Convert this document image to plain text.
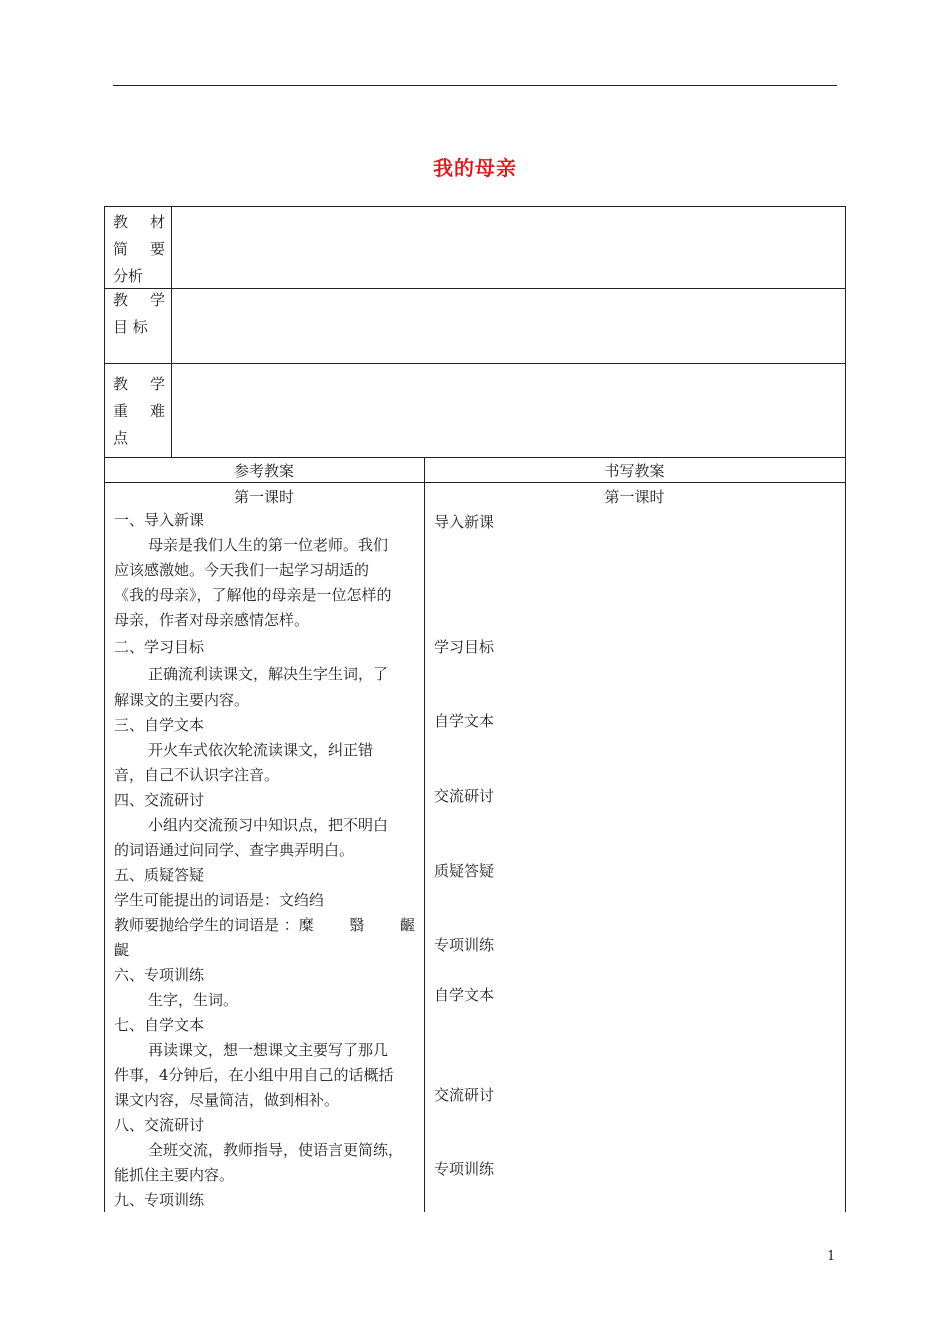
我的母亲
教 材
简 要
分析
教 学
目 标
教 学
重 难
点
参考教案	书写教案
第一课时	第一课时
一、导入新课
母亲是我们人生的第一位老师。我们
应该感激她。今天我们一起学习胡适的
《我的母亲》，了解他的母亲是一位怎样的
母亲，作者对母亲感情怎样。
二、学习目标
正确流利读课文，解决生字生词，了
解课文的主要内容。
三、自学文本
开火车式依次轮流读课文，纠正错
音，自己不认识字注音。
四、交流研讨
小组内交流预习中知识点，把不明白
的词语通过问同学、查字典弄明白。
五、质疑答疑
学生可能提出的词语是：文绉绉
教师要抛给学生的词语是 ：糜 翳 齷
齪
六、专项训练
生字，生词。
七、自学文本
再读课文，想一想课文主要写了那几
件事，4分钟后，在小组中用自己的话概括
课文内容，尽量简洁，做到相补。
八、交流研讨
全班交流，教师指导，使语言更简练，
能抓住主要内容。
九、专项训练
导入新课
学习目标
自学文本
交流研讨
质疑答疑
专项训练
自学文本
交流研讨
专项训练
1
